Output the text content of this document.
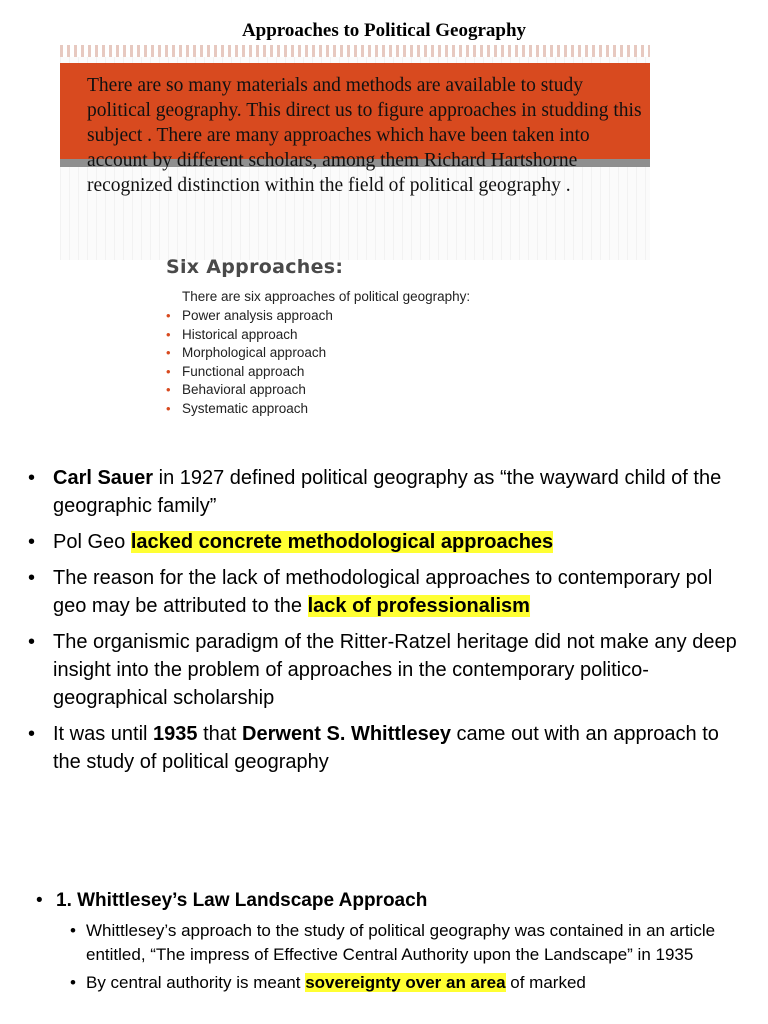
Approaches to Political Geography
There are so many materials and methods are available to study political geography. This direct us to figure approaches in studding this subject . There are many approaches which have been taken into account by different scholars, among them Richard Hartshorne recognized distinction within the field of political geography .
Six Approaches:
There are six approaches of political geography:
• Power analysis approach
• Historical approach
• Morphological approach
• Functional approach
• Behavioral approach
• Systematic approach
• Carl Sauer in 1927 defined political geography as “the wayward child of the geographic family”
• Pol Geo lacked concrete methodological approaches
• The reason for the lack of methodological approaches to contemporary pol geo may be attributed to the lack of professionalism
• The organismic paradigm of the Ritter-Ratzel heritage did not make any deep insight into the problem of approaches in the contemporary politico-geographical scholarship
• It was until 1935 that Derwent S. Whittlesey came out with an approach to the study of political geography
• 1. Whittlesey’s Law Landscape Approach
• Whittlesey’s approach to the study of political geography was contained in an article entitled, “The impress of Effective Central Authority upon the Landscape” in 1935
• By central authority is meant sovereignty over an area of marked
